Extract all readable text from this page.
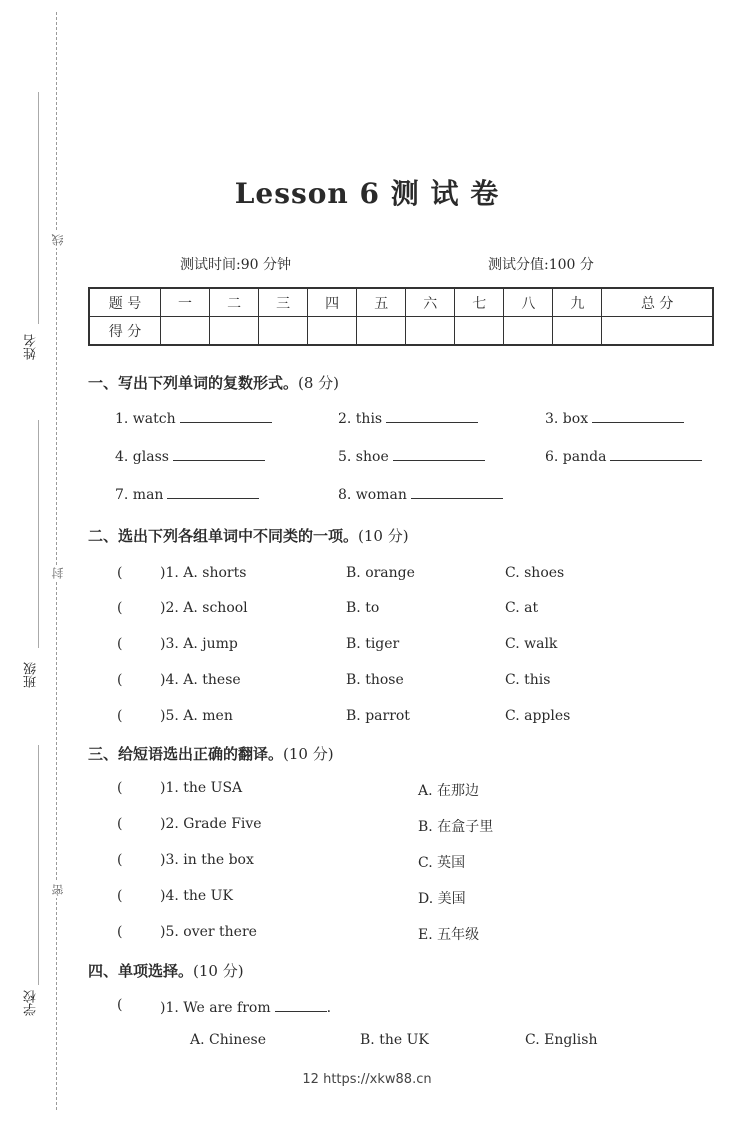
线
封
密
姓名
班级
学校
Lesson 6 测 试 卷
测试时间:90 分钟	测试分值:100 分
题 号	一	二	三	四	五	六	七	八	九	总 分
得 分										
一、写出下列单词的复数形式。(8 分)
1. watch	2. this	3. box
4. glass	5. shoe	6. panda
7. man	8. woman
二、选出下列各组单词中不同类的一项。(10 分)
(	)1. A. shorts	B. orange	C. shoes
(	)2. A. school	B. to	C. at
(	)3. A. jump	B. tiger	C. walk
(	)4. A. these	B. those	C. this
(	)5. A. men	B. parrot	C. apples
三、给短语选出正确的翻译。(10 分)
(	)1. the USA	A. 在那边
(	)2. Grade Five	B. 在盒子里
(	)3. in the box	C. 英国
(	)4. the UK	D. 美国
(	)5. over there	E. 五年级
四、单项选择。(10 分)
(	)1. We are from	.
A. Chinese	B. the UK	C. English
12 https://xkw88.cn
